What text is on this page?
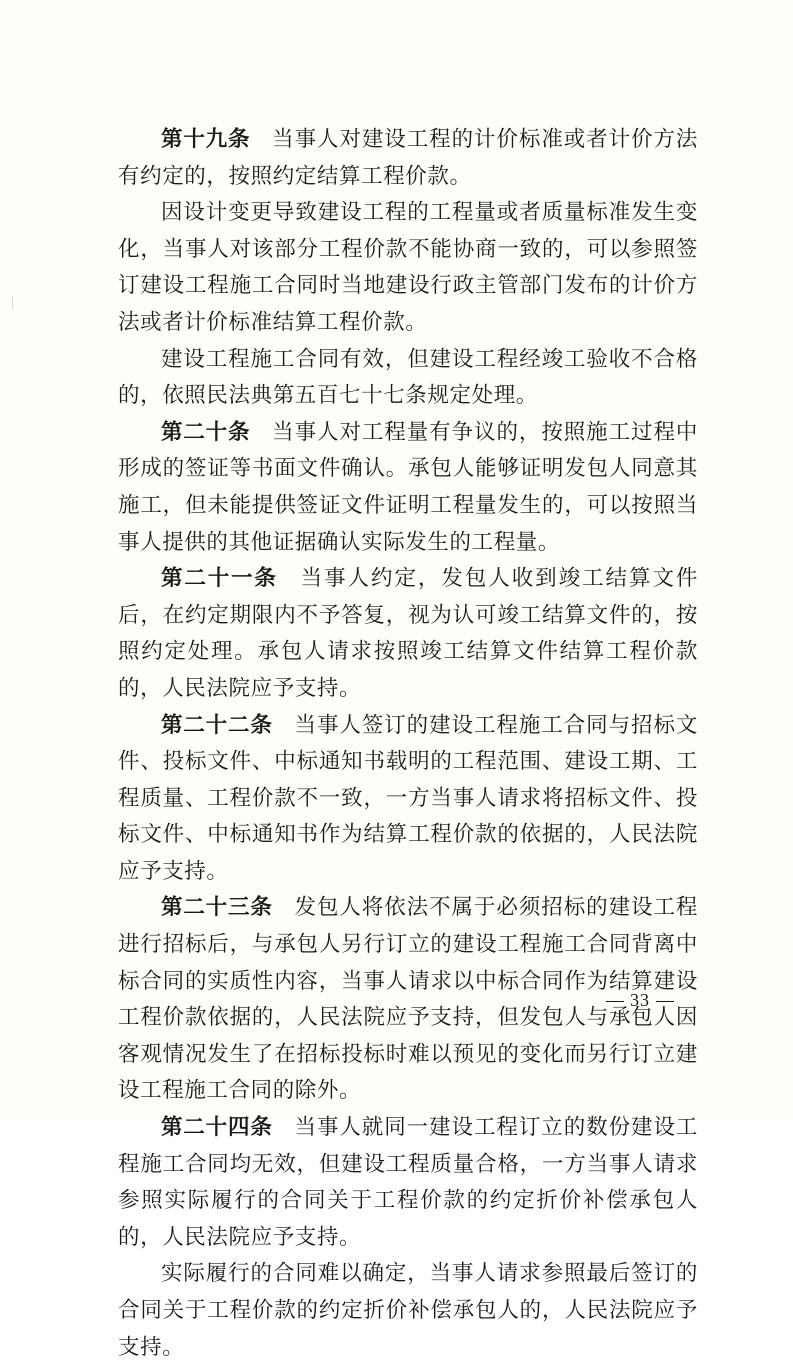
第十九条 当事人对建设工程的计价标准或者计价方法有约定的，按照约定结算工程价款。

因设计变更导致建设工程的工程量或者质量标准发生变化，当事人对该部分工程价款不能协商一致的，可以参照签订建设工程施工合同时当地建设行政主管部门发布的计价方法或者计价标准结算工程价款。

建设工程施工合同有效，但建设工程经竣工验收不合格的，依照民法典第五百七十七条规定处理。

第二十条 当事人对工程量有争议的，按照施工过程中形成的签证等书面文件确认。承包人能够证明发包人同意其施工，但未能提供签证文件证明工程量发生的，可以按照当事人提供的其他证据确认实际发生的工程量。

第二十一条 当事人约定，发包人收到竣工结算文件后，在约定期限内不予答复，视为认可竣工结算文件的，按照约定处理。承包人请求按照竣工结算文件结算工程价款的，人民法院应予支持。

第二十二条 当事人签订的建设工程施工合同与招标文件、投标文件、中标通知书载明的工程范围、建设工期、工程质量、工程价款不一致，一方当事人请求将招标文件、投标文件、中标通知书作为结算工程价款的依据的，人民法院应予支持。

第二十三条 发包人将依法不属于必须招标的建设工程进行招标后，与承包人另行订立的建设工程施工合同背离中标合同的实质性内容，当事人请求以中标合同作为结算建设工程价款依据的，人民法院应予支持，但发包人与承包人因客观情况发生了在招标投标时难以预见的变化而另行订立建设工程施工合同的除外。

第二十四条 当事人就同一建设工程订立的数份建设工程施工合同均无效，但建设工程质量合格，一方当事人请求参照实际履行的合同关于工程价款的约定折价补偿承包人的，人民法院应予支持。

实际履行的合同难以确定，当事人请求参照最后签订的合同关于工程价款的约定折价补偿承包人的，人民法院应予支持。

33
